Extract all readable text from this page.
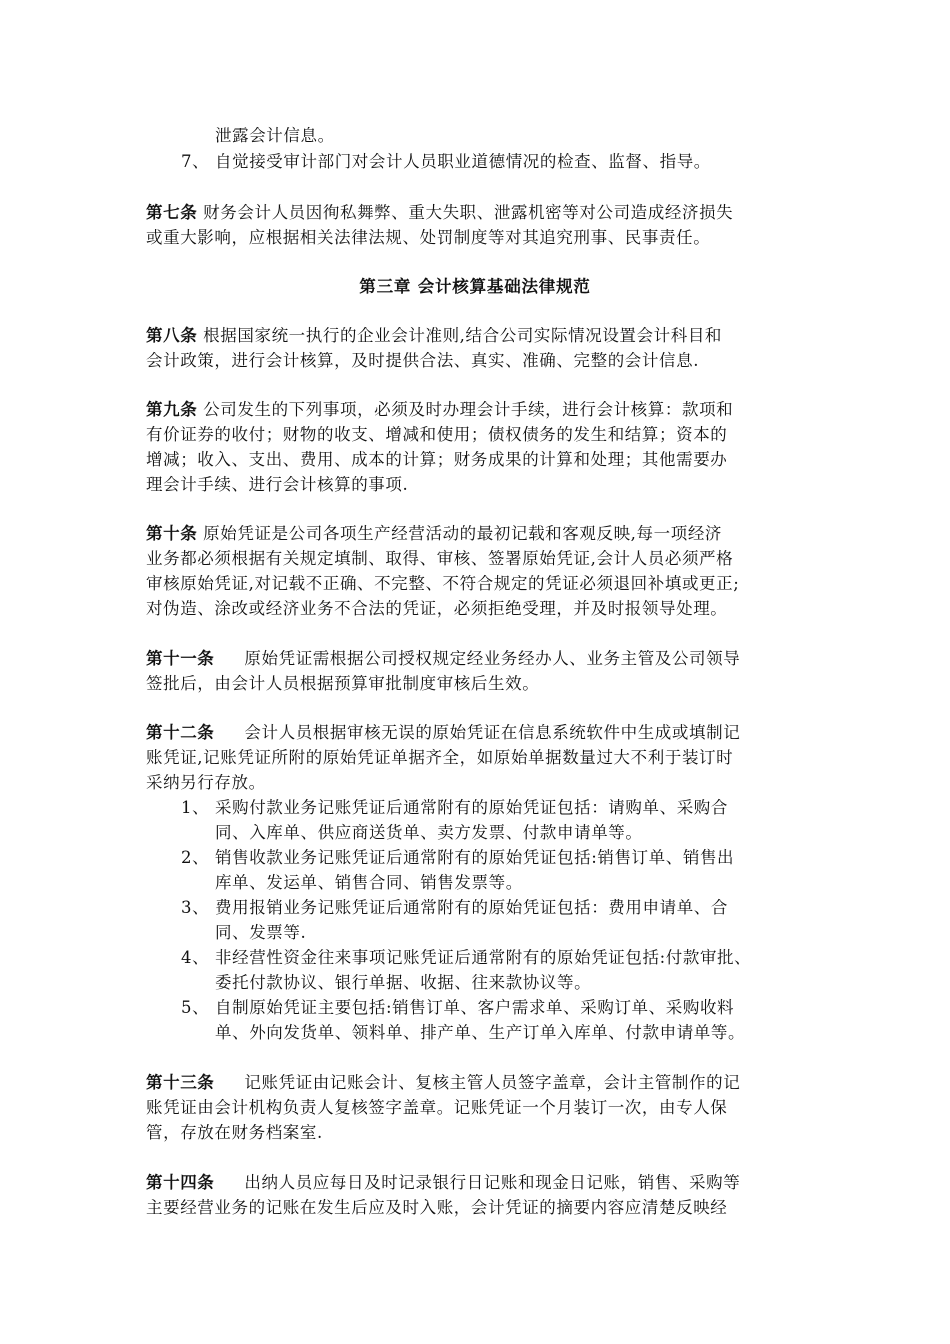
泄露会计信息。
7、 自觉接受审计部门对会计人员职业道德情况的检查、监督、指导。
第七条 财务会计人员因徇私舞弊、重大失职、泄露机密等对公司造成经济损失
或重大影响，应根据相关法律法规、处罚制度等对其追究刑事、民事责任。
第三章 会计核算基础法律规范
第八条 根据国家统一执行的企业会计准则,结合公司实际情况设置会计科目和
会计政策，进行会计核算，及时提供合法、真实、准确、完整的会计信息.
第九条 公司发生的下列事项，必须及时办理会计手续，进行会计核算：款项和
有价证券的收付；财物的收支、增减和使用；债权债务的发生和结算；资本的
增减；收入、支出、费用、成本的计算；财务成果的计算和处理；其他需要办
理会计手续、进行会计核算的事项.
第十条 原始凭证是公司各项生产经营活动的最初记载和客观反映,每一项经济
业务都必须根据有关规定填制、取得、审核、签署原始凭证,会计人员必须严格
审核原始凭证,对记载不正确、不完整、不符合规定的凭证必须退回补填或更正;
对伪造、涂改或经济业务不合法的凭证，必须拒绝受理，并及时报领导处理。
第十一条 原始凭证需根据公司授权规定经业务经办人、业务主管及公司领导
签批后，由会计人员根据预算审批制度审核后生效。
第十二条 会计人员根据审核无误的原始凭证在信息系统软件中生成或填制记
账凭证,记账凭证所附的原始凭证单据齐全，如原始单据数量过大不利于装订时
采纳另行存放。
1、 采购付款业务记账凭证后通常附有的原始凭证包括：请购单、采购合
同、入库单、供应商送货单、卖方发票、付款申请单等。
2、 销售收款业务记账凭证后通常附有的原始凭证包括:销售订单、销售出
库单、发运单、销售合同、销售发票等。
3、 费用报销业务记账凭证后通常附有的原始凭证包括：费用申请单、合
同、发票等.
4、 非经营性资金往来事项记账凭证后通常附有的原始凭证包括:付款审批、
委托付款协议、银行单据、收据、往来款协议等。
5、 自制原始凭证主要包括:销售订单、客户需求单、采购订单、采购收料
单、外向发货单、领料单、排产单、生产订单入库单、付款申请单等。
第十三条 记账凭证由记账会计、复核主管人员签字盖章，会计主管制作的记
账凭证由会计机构负责人复核签字盖章。记账凭证一个月装订一次，由专人保
管，存放在财务档案室.
第十四条 出纳人员应每日及时记录银行日记账和现金日记账，销售、采购等
主要经营业务的记账在发生后应及时入账，会计凭证的摘要内容应清楚反映经
